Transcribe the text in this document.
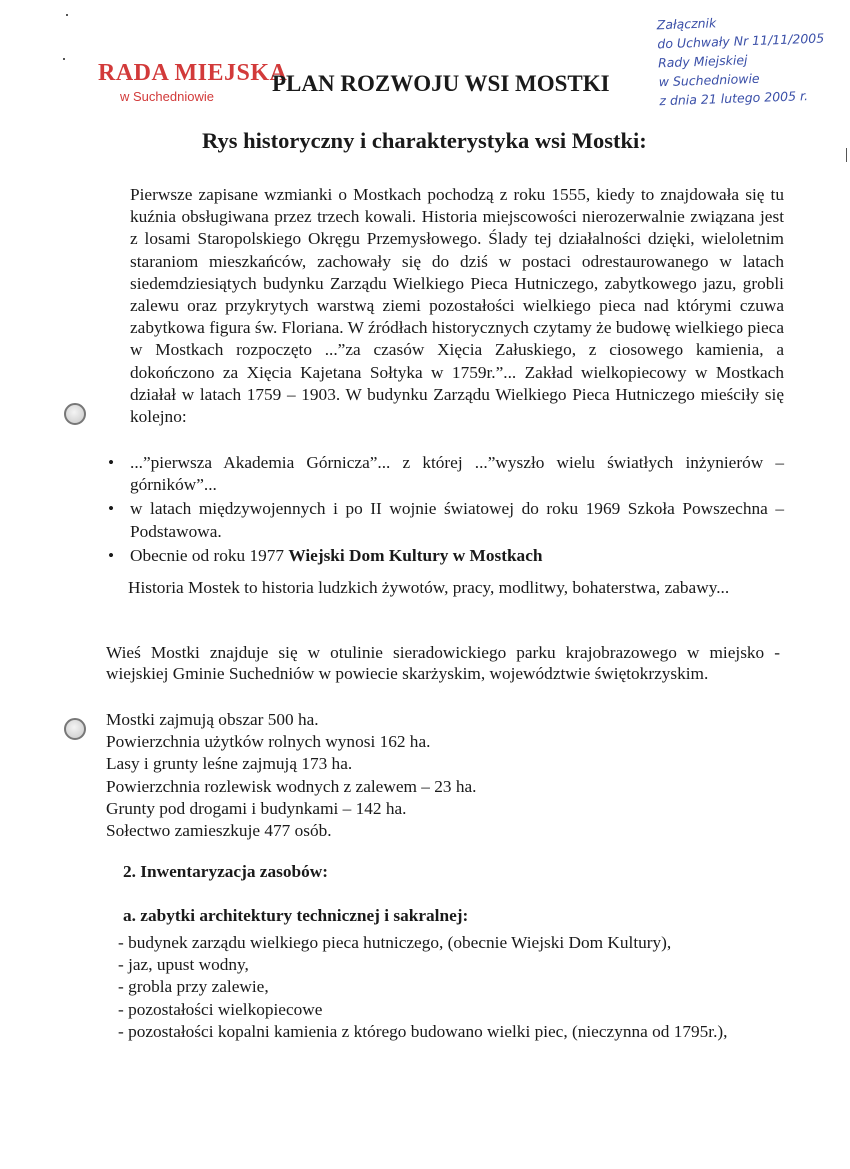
RADA MIEJSKA
w Suchedniowie
PLAN ROZWOJU WSI MOSTKI
Załącznik
do Uchwały Nr 11/11/2005
Rady Miejskiej
w Suchedniowie
z dnia 21 lutego 2005 r.
Rys historyczny i charakterystyka wsi Mostki:

Pierwsze zapisane wzmianki o Mostkach pochodzą z roku 1555, kiedy to znajdowała się tu kuźnia obsługiwana przez trzech kowali. Historia miejscowości nierozerwalnie związana jest z losami Staropolskiego Okręgu Przemysłowego. Ślady tej działalności dzięki, wieloletnim staraniom mieszkańców, zachowały się do dziś w postaci odrestaurowanego w latach siedemdziesiątych budynku Zarządu Wielkiego Pieca Hutniczego, zabytkowego jazu, grobli zalewu oraz przykrytych warstwą ziemi pozostałości wielkiego pieca nad którymi czuwa zabytkowa figura św. Floriana. W źródłach historycznych czytamy że budowę wielkiego pieca w Mostkach rozpoczęto ...”za czasów Xięcia Załuskiego, z ciosowego kamienia, a dokończono za Xięcia Kajetana Sołtyka w 1759r.”... Zakład wielkopiecowy w Mostkach działał w latach 1759 – 1903. W budynku Zarządu Wielkiego Pieca Hutniczego mieściły się kolejno:

• ...”pierwsza Akademia Górnicza”... z której ...”wyszło wielu światłych inżynierów – górników”...
• w latach międzywojennych i po II wojnie światowej do roku 1969 Szkoła Powszechna – Podstawowa.
• Obecnie od roku 1977 Wiejski Dom Kultury w Mostkach

Historia Mostek to historia ludzkich żywotów, pracy, modlitwy, bohaterstwa, zabawy...

Wieś Mostki znajduje się w otulinie sieradowickiego parku krajobrazowego w miejsko - wiejskiej Gminie Suchedniów w powiecie skarżyskim, województwie świętokrzyskim.

Mostki zajmują obszar 500 ha.
Powierzchnia użytków rolnych wynosi 162 ha.
Lasy i grunty leśne zajmują 173 ha.
Powierzchnia rozlewisk wodnych z zalewem – 23 ha.
Grunty pod drogami i budynkami – 142 ha.
Sołectwo zamieszkuje 477 osób.
2. Inwentaryzacja zasobów:
a. zabytki architektury technicznej i sakralnej:
- budynek zarządu wielkiego pieca hutniczego, (obecnie Wiejski Dom Kultury),
- jaz, upust wodny,
- grobla przy zalewie,
- pozostałości wielkopiecowe
- pozostałości kopalni kamienia z którego budowano wielki piec, (nieczynna od 1795r.),
